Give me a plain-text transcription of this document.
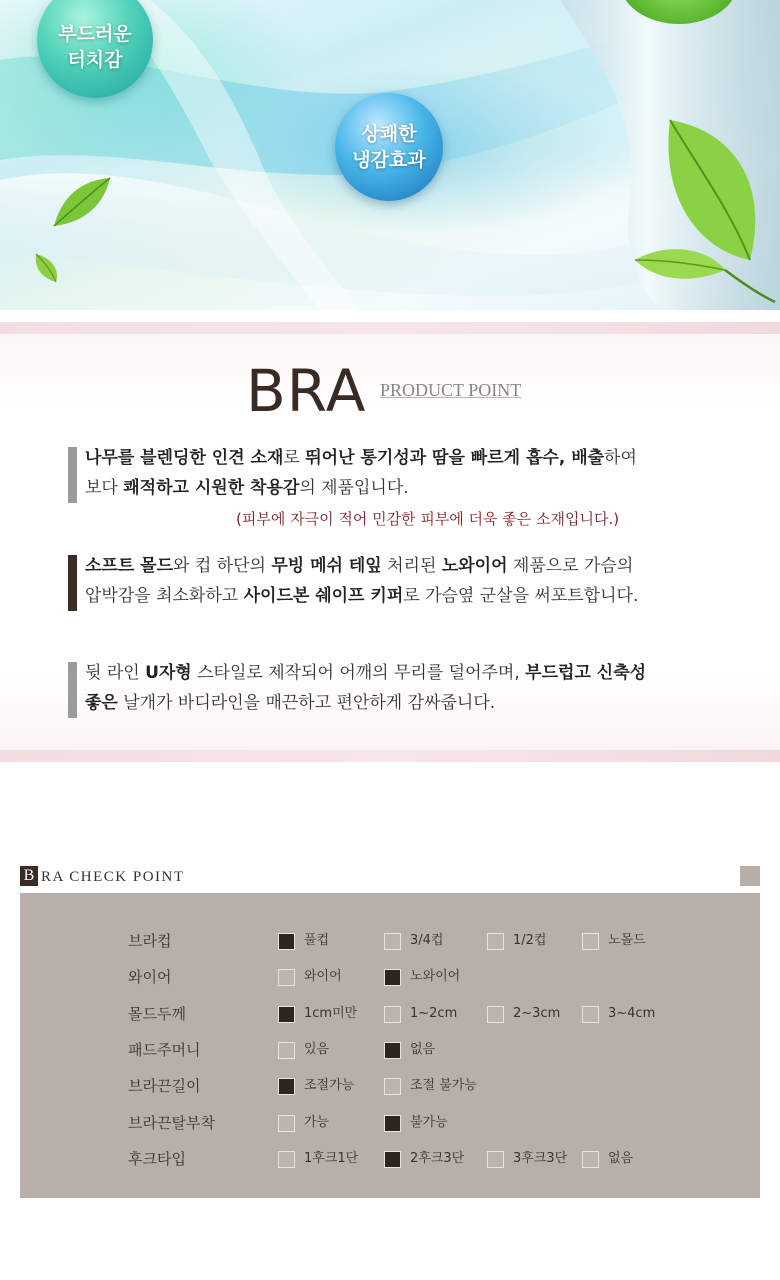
부드러운
터치감
상쾌한
냉감효과
BRA PRODUCT POINT
나무를 블렌딩한 인견 소재로 뛰어난 통기성과 땀을 빠르게 흡수, 배출하여
보다 쾌적하고 시원한 착용감의 제품입니다.
(피부에 자극이 적어 민감한 피부에 더욱 좋은 소재입니다.)
소프트 몰드와 컵 하단의 무빙 메쉬 테잎 처리된 노와이어 제품으로 가슴의
압박감을 최소화하고 사이드본 쉐이프 키퍼로 가슴옆 군살을 써포트합니다.
뒷 라인 U자형 스타일로 제작되어 어깨의 무리를 덜어주며, 부드럽고 신축성
좋은 날개가 바디라인을 매끈하고 편안하게 감싸줍니다.
B RA CHECK POINT
브라컵	풀컵	3/4컵	1/2컵	노몰드
와이어	와이어	노와이어
몰드두께	1cm미만	1~2cm	2~3cm	3~4cm
패드주머니	있음	없음
브라끈길이	조절가능	조절 불가능
브라끈탈부착	가능	불가능
후크타입	1후크1단	2후크3단	3후크3단	없음
